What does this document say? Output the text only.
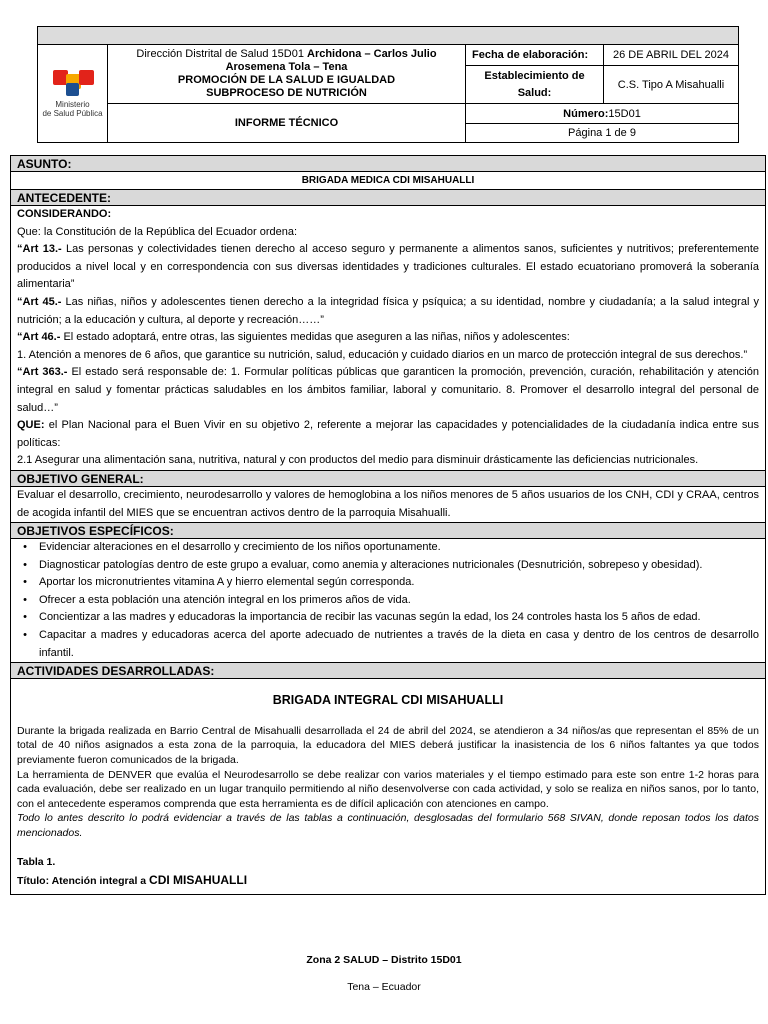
Ministerio
de Salud Pública
Dirección Distrital de Salud 15D01 Archidona – Carlos Julio
Arosemena Tola – Tena
PROMOCIÓN DE LA SALUD E IGUALDAD
SUBPROCESO DE NUTRICIÓN
Fecha de elaboración:	26 DE ABRIL DEL 2024
Establecimiento de
Salud:
C.S. Tipo A Misahualli
INFORME TÉCNICO
Número: 15D01
Página 1 de 9
ASUNTO:
BRIGADA MEDICA CDI MISAHUALLI
ANTECEDENTE:
CONSIDERANDO:
Que: la Constitución de la República del Ecuador ordena:
“Art 13.- Las personas y colectividades tienen derecho al acceso seguro y permanente a alimentos sanos, suficientes y nutritivos; preferentemente producidos a nivel local y en correspondencia con sus diversas identidades y tradiciones culturales. El estado ecuatoriano promoverá la soberanía alimentaria”
“Art 45.- Las niñas, niños y adolescentes tienen derecho a la integridad física y psíquica; a su identidad, nombre y ciudadanía; a la salud integral y nutrición; a la educación y cultura, al deporte y recreación……”
“Art 46.- El estado adoptará, entre otras, las siguientes medidas que aseguren a las niñas, niños y adolescentes:
1. Atención a menores de 6 años, que garantice su nutrición, salud, educación y cuidado diarios en un marco de protección integral de sus derechos.”
“Art 363.- El estado será responsable de: 1. Formular políticas públicas que garanticen la promoción, prevención, curación, rehabilitación y atención integral en salud y fomentar prácticas saludables en los ámbitos familiar, laboral y comunitario. 8. Promover el desarrollo integral del personal de salud…”
QUE: el Plan Nacional para el Buen Vivir en su objetivo 2, referente a mejorar las capacidades y potencialidades de la ciudadanía indica entre sus políticas:
2.1 Asegurar una alimentación sana, nutritiva, natural y con productos del medio para disminuir drásticamente las deficiencias nutricionales.
OBJETIVO GENERAL:
Evaluar el desarrollo, crecimiento, neurodesarrollo y valores de hemoglobina a los niños menores de 5 años usuarios de los CNH, CDI y CRAA, centros de acogida infantil del MIES que se encuentran activos dentro de la parroquia Misahualli.
OBJETIVOS ESPECÍFICOS:
•	Evidenciar alteraciones en el desarrollo y crecimiento de los niños oportunamente.
•	Diagnosticar patologías dentro de este grupo a evaluar, como anemia y alteraciones nutricionales (Desnutrición, sobrepeso y obesidad).
•	Aportar los micronutrientes vitamina A y hierro elemental según corresponda.
•	Ofrecer a esta población una atención integral en los primeros años de vida.
•	Concientizar a las madres y educadoras la importancia de recibir las vacunas según la edad, los 24 controles hasta los 5 años de edad.
•	Capacitar a madres y educadoras acerca del aporte adecuado de nutrientes a través de la dieta en casa y dentro de los centros de desarrollo infantil.
ACTIVIDADES DESARROLLADAS:
BRIGADA INTEGRAL CDI MISAHUALLI

Durante la brigada realizada en Barrio Central de Misahualli desarrollada el 24 de abril del 2024, se atendieron a 34 niños/as que representan el 85% de un total de 40 niños asignados a esta zona de la parroquia, la educadora del MIES deberá justificar la inasistencia de los 6 niños faltantes ya que todos previamente fueron comunicados de la brigada.

La herramienta de DENVER que evalúa el Neurodesarrollo se debe realizar con varios materiales y el tiempo estimado para este son entre 1-2 horas para cada evaluación, debe ser realizado en un lugar tranquilo permitiendo al niño desenvolverse con cada actividad, y solo se realiza en niños sanos, por lo tanto, con el antecedente esperamos comprenda que esta herramienta es de difícil aplicación con atenciones en campo.

Todo lo antes descrito lo podrá evidenciar a través de las tablas a continuación, desglosadas del formulario 568 SIVAN, donde reposan todos los datos mencionados.

Tabla 1.
Título: Atención integral a CDI MISAHUALLI
Zona 2 SALUD – Distrito 15D01
Tena – Ecuador
